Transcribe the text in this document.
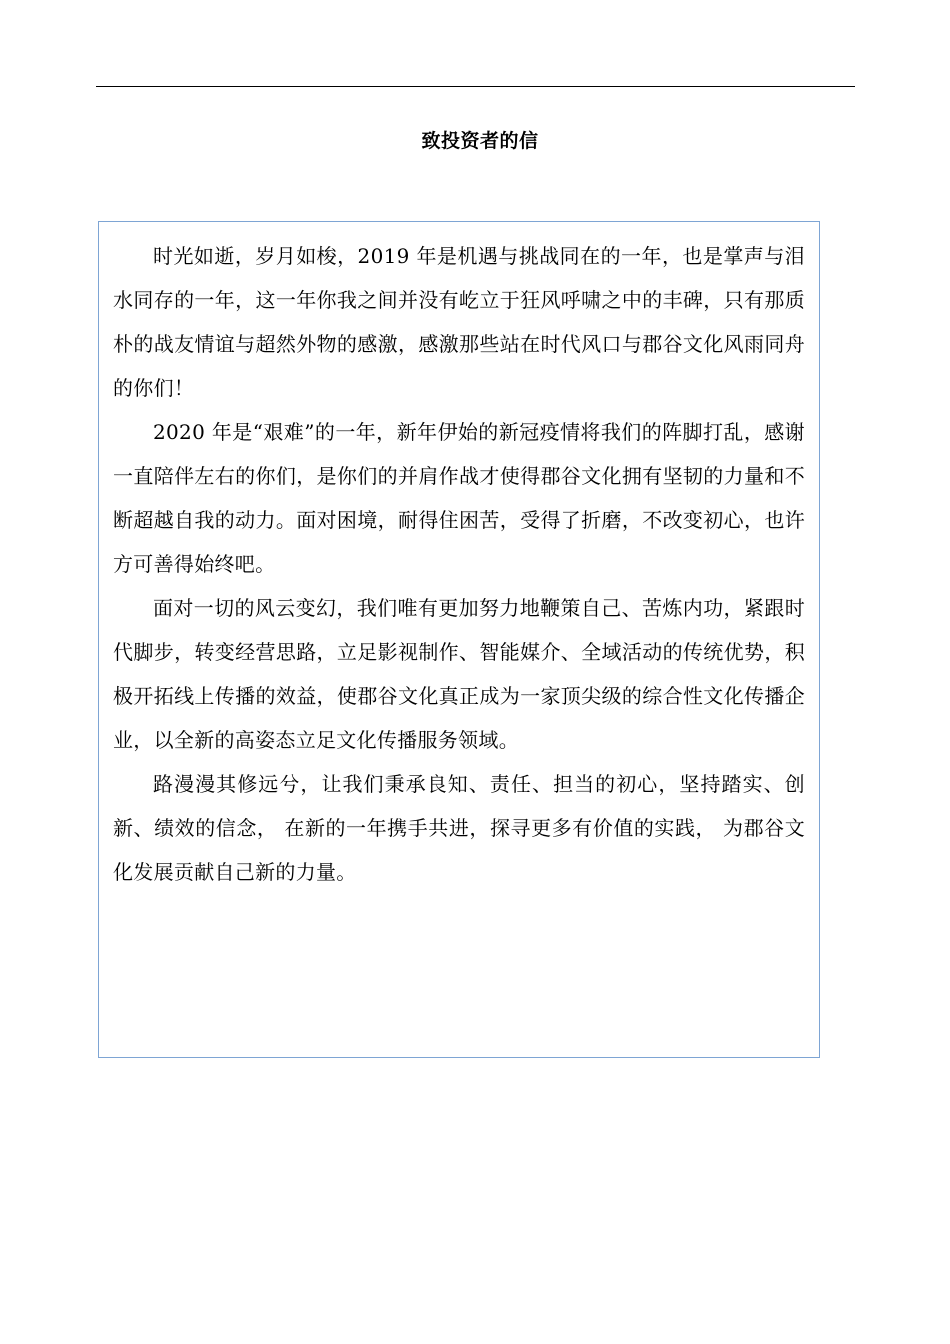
致投资者的信

时光如逝，岁月如梭，2019 年是机遇与挑战同在的一年，也是掌声与泪水同存的一年，这一年你我之间并没有屹立于狂风呼啸之中的丰碑，只有那质朴的战友情谊与超然外物的感激，感激那些站在时代风口与郡谷文化风雨同舟的你们！

2020 年是“艰难”的一年，新年伊始的新冠疫情将我们的阵脚打乱，感谢一直陪伴左右的你们，是你们的并肩作战才使得郡谷文化拥有坚韧的力量和不断超越自我的动力。面对困境，耐得住困苦，受得了折磨，不改变初心，也许方可善得始终吧。

面对一切的风云变幻，我们唯有更加努力地鞭策自己、苦炼内功，紧跟时代脚步，转变经营思路，立足影视制作、智能媒介、全域活动的传统优势，积极开拓线上传播的效益，使郡谷文化真正成为一家顶尖级的综合性文化传播企业，以全新的高姿态立足文化传播服务领域。

路漫漫其修远兮，让我们秉承良知、责任、担当的初心，坚持踏实、创新、绩效的信念， 在新的一年携手共进，探寻更多有价值的实践， 为郡谷文化发展贡献自己新的力量。
